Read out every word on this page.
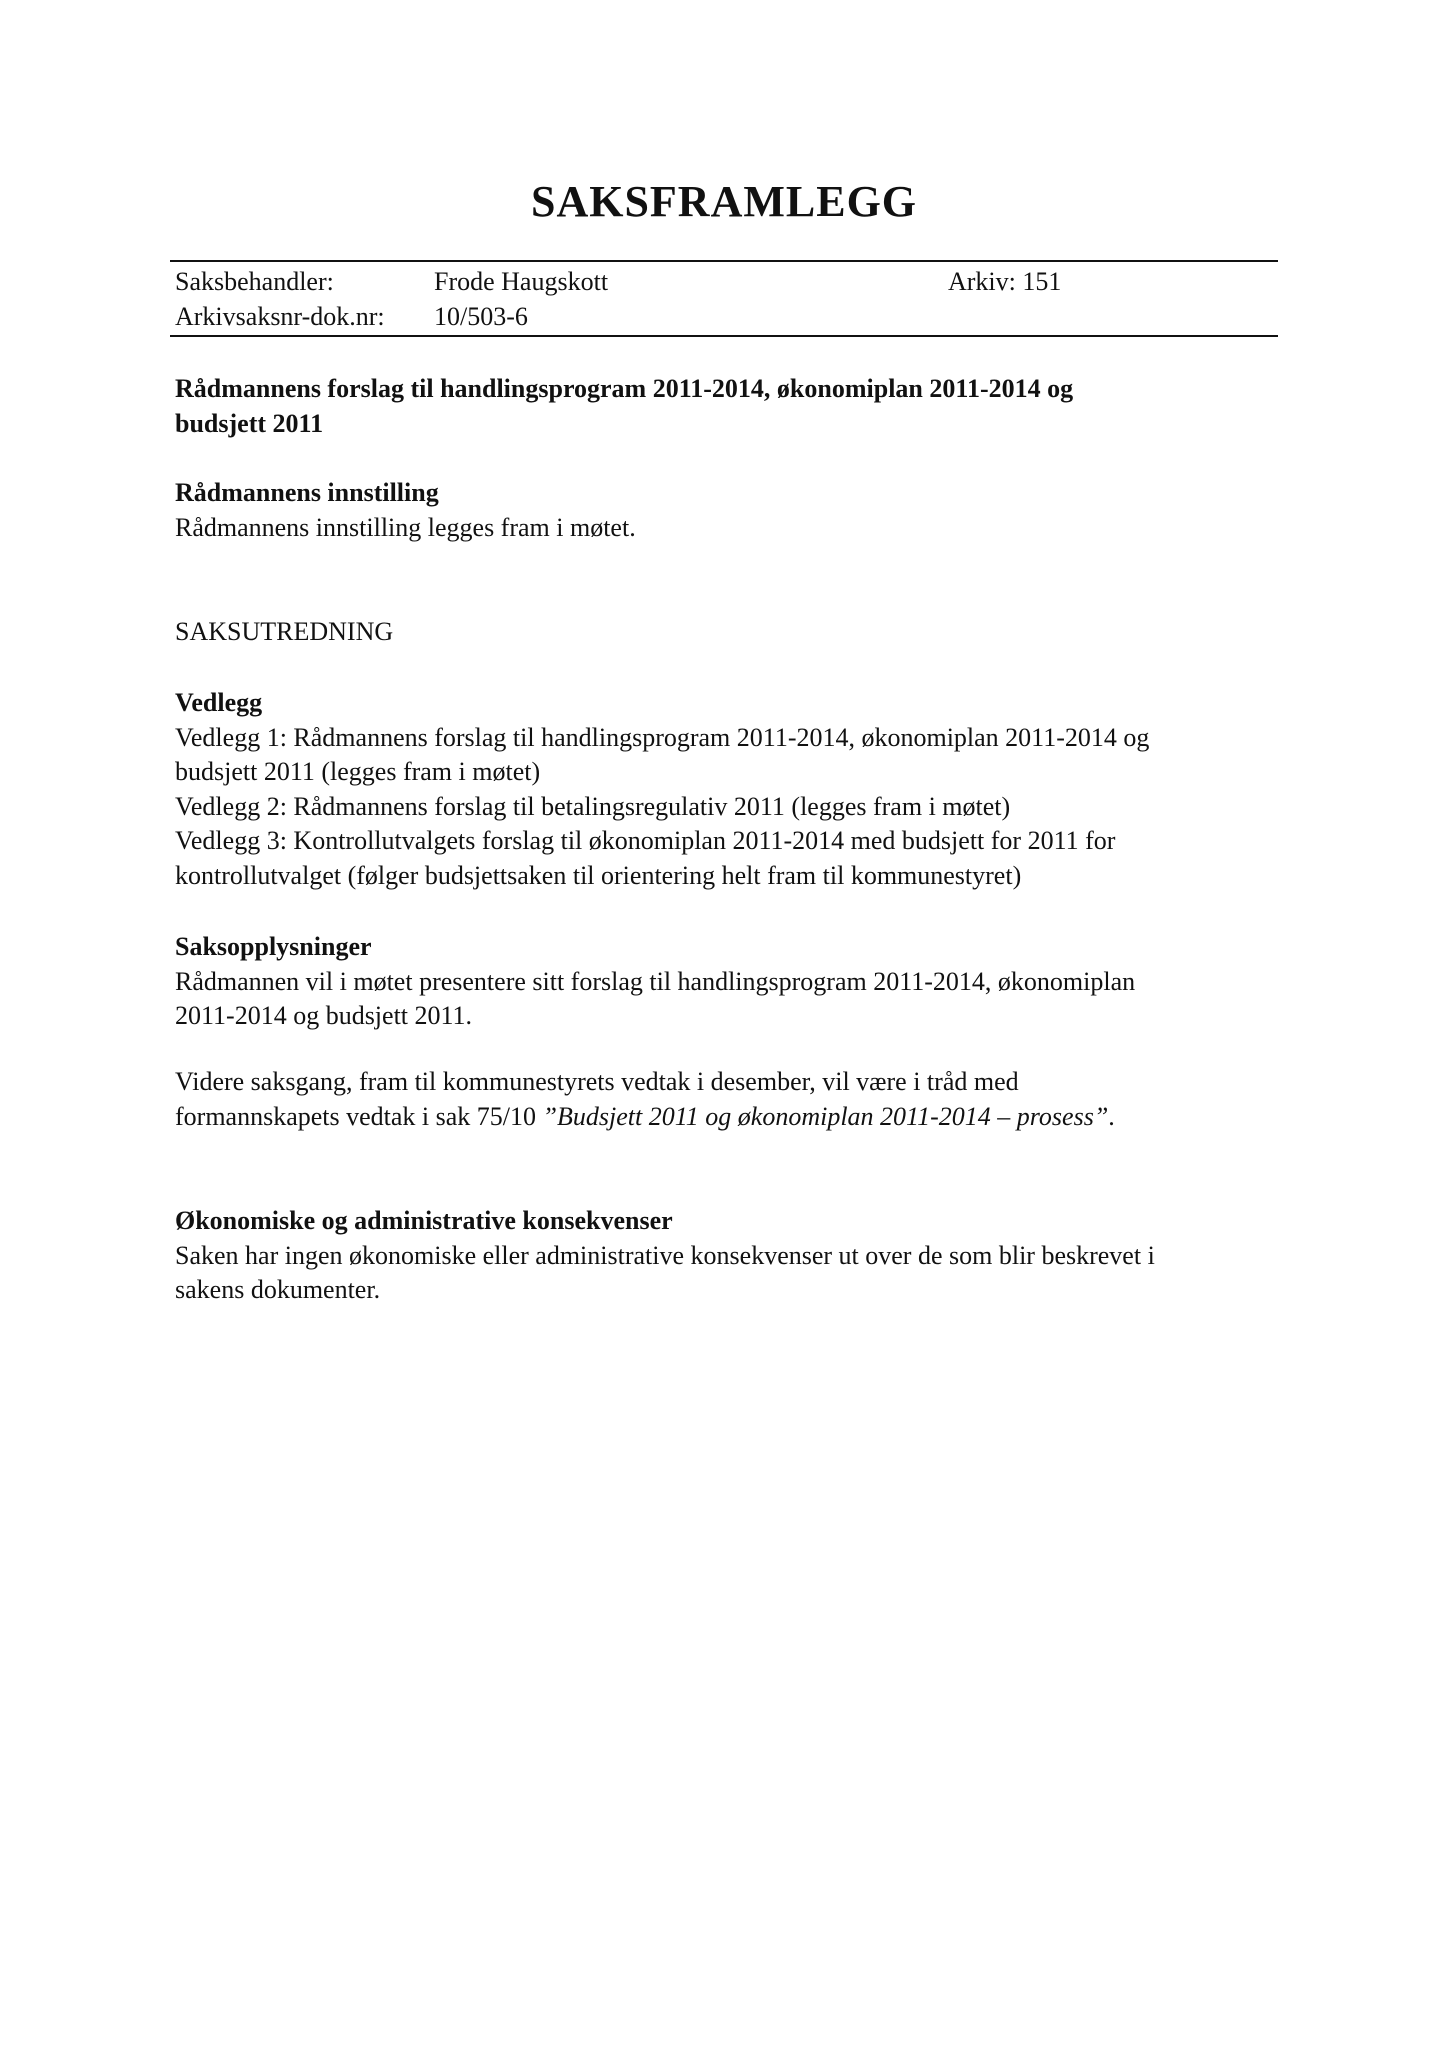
SAKSFRAMLEGG
Saksbehandler:	Frode Haugskott	Arkiv: 151
Arkivsaksnr-dok.nr: 10/503-6

Rådmannens forslag til handlingsprogram 2011-2014, økonomiplan 2011-2014 og

budsjett 2011

Rådmannens innstilling

Rådmannens innstilling legges fram i møtet.

SAKSUTREDNING

Vedlegg

Vedlegg 1: Rådmannens forslag til handlingsprogram 2011-2014, økonomiplan 2011-2014 og

budsjett 2011 (legges fram i møtet)

Vedlegg 2: Rådmannens forslag til betalingsregulativ 2011 (legges fram i møtet)

Vedlegg 3: Kontrollutvalgets forslag til økonomiplan 2011-2014 med budsjett for 2011 for

kontrollutvalget (følger budsjettsaken til orientering helt fram til kommunestyret)

Saksopplysninger

Rådmannen vil i møtet presentere sitt forslag til handlingsprogram 2011-2014, økonomiplan

2011-2014 og budsjett 2011.

Videre saksgang, fram til kommunestyrets vedtak i desember, vil være i tråd med

formannskapets vedtak i sak 75/10 ”Budsjett 2011 og økonomiplan 2011-2014 – prosess”.

Økonomiske og administrative konsekvenser

Saken har ingen økonomiske eller administrative konsekvenser ut over de som blir beskrevet i

sakens dokumenter.
